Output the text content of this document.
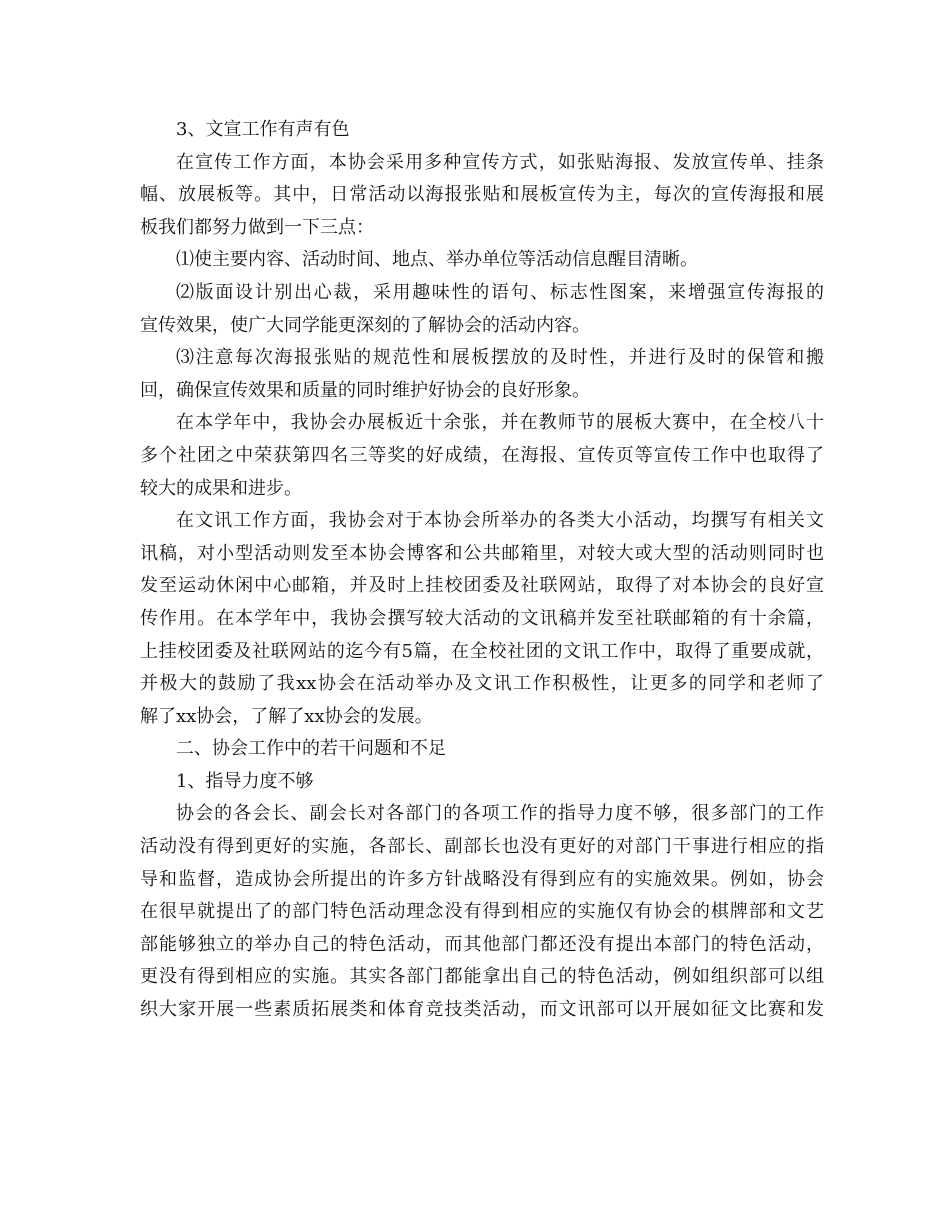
3、文宣工作有声有色
在宣传工作方面，本协会采用多种宣传方式，如张贴海报、发放宣传单、挂条
幅、放展板等。其中，日常活动以海报张贴和展板宣传为主，每次的宣传海报和展
板我们都努力做到一下三点：
⑴使主要内容、活动时间、地点、举办单位等活动信息醒目清晰。
⑵版面设计别出心裁，采用趣味性的语句、标志性图案，来增强宣传海报的
宣传效果，使广大同学能更深刻的了解协会的活动内容。
⑶注意每次海报张贴的规范性和展板摆放的及时性，并进行及时的保管和搬
回，确保宣传效果和质量的同时维护好协会的良好形象。
在本学年中，我协会办展板近十余张，并在教师节的展板大赛中，在全校八十
多个社团之中荣获第四名三等奖的好成绩，在海报、宣传页等宣传工作中也取得了
较大的成果和进步。
在文讯工作方面，我协会对于本协会所举办的各类大小活动，均撰写有相关文
讯稿，对小型活动则发至本协会博客和公共邮箱里，对较大或大型的活动则同时也
发至运动休闲中心邮箱，并及时上挂校团委及社联网站，取得了对本协会的良好宣
传作用。在本学年中，我协会撰写较大活动的文讯稿并发至社联邮箱的有十余篇，
上挂校团委及社联网站的迄今有5篇，在全校社团的文讯工作中，取得了重要成就，
并极大的鼓励了我xx协会在活动举办及文讯工作积极性，让更多的同学和老师了
解了xx协会，了解了xx协会的发展。
二、协会工作中的若干问题和不足
1、指导力度不够
协会的各会长、副会长对各部门的各项工作的指导力度不够，很多部门的工作
活动没有得到更好的实施，各部长、副部长也没有更好的对部门干事进行相应的指
导和监督，造成协会所提出的许多方针战略没有得到应有的实施效果。例如，协会
在很早就提出了的部门特色活动理念没有得到相应的实施仅有协会的棋牌部和文艺
部能够独立的举办自己的特色活动，而其他部门都还没有提出本部门的特色活动，
更没有得到相应的实施。其实各部门都能拿出自己的特色活动，例如组织部可以组
织大家开展一些素质拓展类和体育竞技类活动，而文讯部可以开展如征文比赛和发
